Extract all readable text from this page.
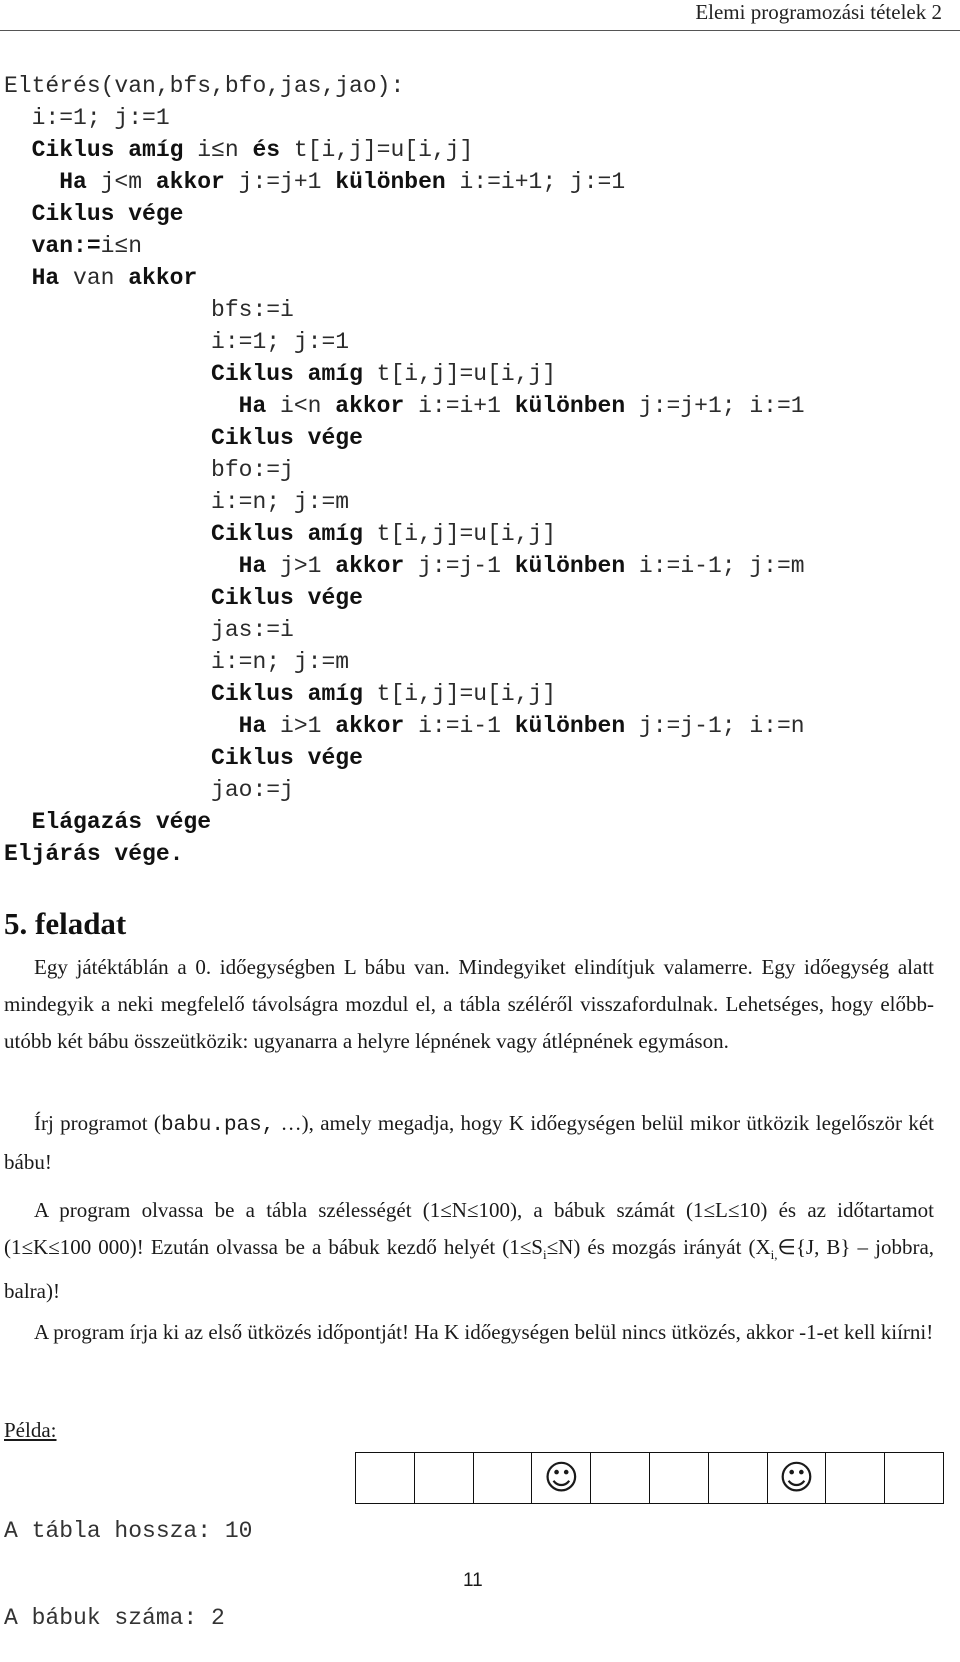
Elemi programozási tételek 2
Eltérés(van,bfs,bfo,jas,jao):
i:=1; j:=1
Ciklus amíg i≤n és t[i,j]=u[i,j]
Ha j<m akkor j:=j+1 különben i:=i+1; j:=1
Ciklus vége
van:=i≤n
Ha van akkor
bfs:=i
i:=1; j:=1
Ciklus amíg t[i,j]=u[i,j]
Ha i<n akkor i:=i+1 különben j:=j+1; i:=1
Ciklus vége
bfo:=j
i:=n; j:=m
Ciklus amíg t[i,j]=u[i,j]
Ha j>1 akkor j:=j-1 különben i:=i-1; j:=m
Ciklus vége
jas:=i
i:=n; j:=m
Ciklus amíg t[i,j]=u[i,j]
Ha i>1 akkor i:=i-1 különben j:=j-1; i:=n
Ciklus vége
jao:=j
Elágazás vége
Eljárás vége.
5. feladat

Egy játéktáblán a 0. időegységben L bábu van. Mindegyiket elindítjuk valamerre. Egy időegység alatt mindegyik a neki megfelelő távolságra mozdul el, a tábla széléről visszafordulnak. Lehetséges, hogy előbb-utóbb két bábu összeütközik: ugyanarra a helyre lépnének vagy átlépnének egymáson.

Írj programot (babu.pas, …), amely megadja, hogy K időegységen belül mikor ütközik legelőször két bábu!

A program olvassa be a tábla szélességét (1≤N≤100), a bábuk számát (1≤L≤10) és az időtartamot (1≤K≤100 000)! Ezután olvassa be a bábuk kezdő helyét $(1\le S_i\le N)$ és mozgás irányát ($X_{i,}\in\{J$, B} – jobbra, balra)!

A program írja ki az első ütközés időpontját! Ha K időegységen belül nincs ütközés, akkor -1-et kell kiírni!

Példa:

A tábla hossza: 10

A bábuk száma: 2

☺	☺
11
